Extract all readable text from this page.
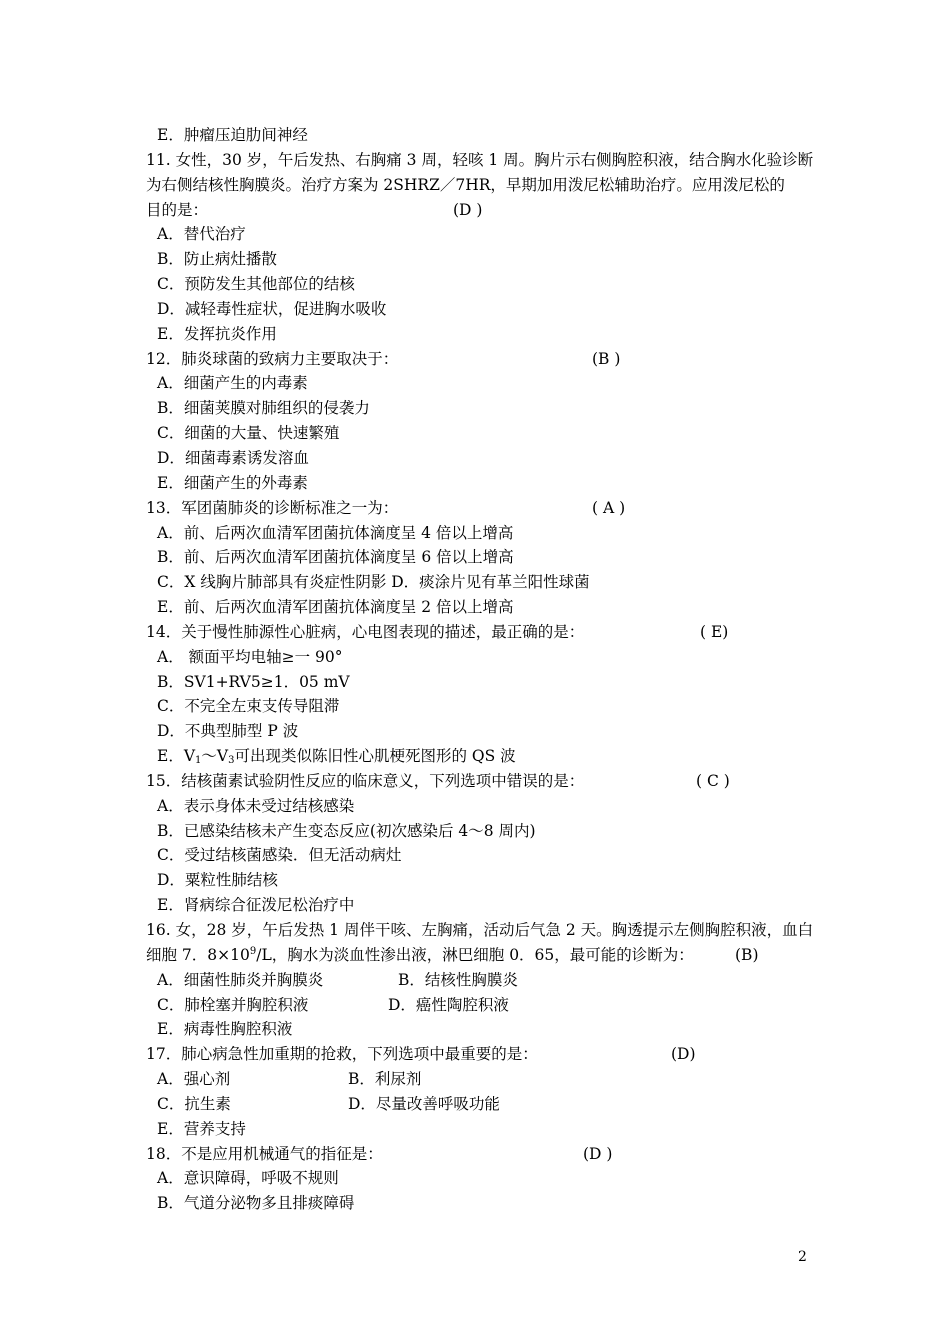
E．肿瘤压迫肋间神经
11. 女性，30 岁，午后发热、右胸痛 3 周，轻咳 1 周。胸片示右侧胸腔积液，结合胸水化验诊断
为右侧结核性胸膜炎。治疗方案为 2SHRZ／7HR，早期加用泼尼松辅助治疗。应用泼尼松的
目的是：	(D )
A．替代治疗
B．防止病灶播散
C．预防发生其他部位的结核
D．减轻毒性症状，促进胸水吸收
E．发挥抗炎作用
12．肺炎球菌的致病力主要取决于：	(B )
A．细菌产生的内毒素
B．细菌荚膜对肺组织的侵袭力
C．细菌的大量、快速繁殖
D．细菌毒素诱发溶血
E．细菌产生的外毒素
13．军团菌肺炎的诊断标准之一为：	( A )
A．前、后两次血清军团菌抗体滴度呈 4 倍以上增高
B．前、后两次血清军团菌抗体滴度呈 6 倍以上增高
C．X 线胸片肺部具有炎症性阴影 D．痰涂片见有革兰阳性球菌
E．前、后两次血清军团菌抗体滴度呈 2 倍以上增高
14．关于慢性肺源性心脏病，心电图表现的描述，最正确的是：	( E)
A． 额面平均电轴≥一 90°
B．SV1+RV5≥1．05 mV
C．不完全左束支传导阻滞
D．不典型肺型 P 波
E．$V_1\sim V_3$可出现类似陈旧性心肌梗死图形的 QS 波
15．结核菌素试验阴性反应的临床意义，下列选项中错误的是：	( C )
A．表示身体未受过结核感染
B．已感染结核未产生变态反应(初次感染后 4～8 周内)
C．受过结核菌感染．但无活动病灶
D．粟粒性肺结核
E．肾病综合征泼尼松治疗中
16. 女，28 岁，午后发热 1 周伴干咳、左胸痛，活动后气急 2 天。胸透提示左侧胸腔积液，血白
细胞 7．$8\times 10^9/L$，胸水为淡血性渗出液，淋巴细胞 0．65，最可能的诊断为：	(B)
A．细菌性肺炎并胸膜炎	B．结核性胸膜炎
C．肺栓塞并胸腔积液	D．癌性陶腔积液
E．病毒性胸腔积液
17．肺心病急性加重期的抢救，下列选项中最重要的是：	(D)
A．强心剂	B．利尿剂
C．抗生素	D．尽量改善呼吸功能
E．营养支持
18．不是应用机械通气的指征是：	(D )
A．意识障碍，呼吸不规则
B．气道分泌物多且排痰障碍
2
